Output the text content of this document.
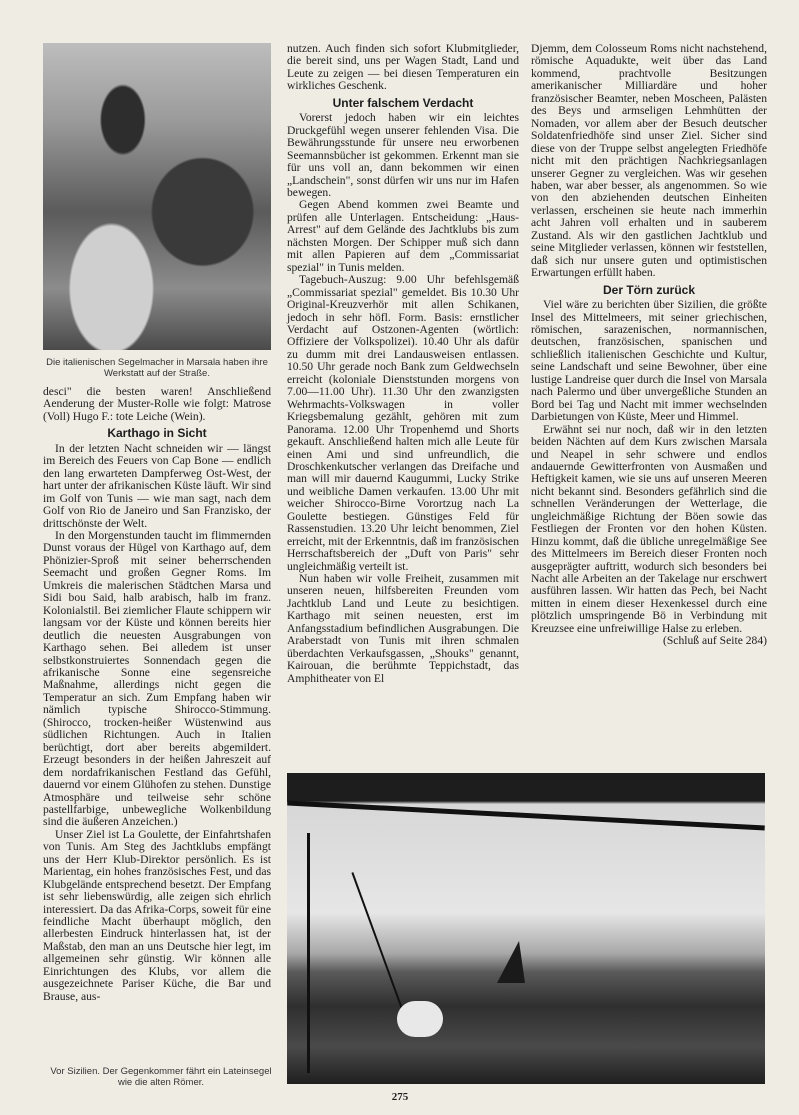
Die italienischen Segelmacher in Marsala haben ihre Werkstatt auf der Straße.

desci" die besten waren! Anschließend Aenderung der Muster-Rolle wie folgt: Matrose (Voll) Hugo F.: tote Leiche (Wein).

Karthago in Sicht

In der letzten Nacht schneiden wir — längst im Bereich des Feuers von Cap Bone — endlich den lang erwarteten Dampferweg Ost-West, der hart unter der afrikanischen Küste läuft. Wir sind im Golf von Tunis — wie man sagt, nach dem Golf von Rio de Janeiro und San Franzisko, der drittschönste der Welt.

In den Morgenstunden taucht im flimmernden Dunst voraus der Hügel von Karthago auf, dem Phönizier-Sproß mit seiner beherrschenden Seemacht und großen Gegner Roms. Im Umkreis die malerischen Städtchen Marsa und Sidi bou Said, halb arabisch, halb im franz. Kolonialstil. Bei ziemlicher Flaute schippern wir langsam vor der Küste und können bereits hier deutlich die neuesten Ausgrabungen von Karthago sehen. Bei alledem ist unser selbstkonstruiertes Sonnendach gegen die afrikanische Sonne eine segensreiche Maßnahme, allerdings nicht gegen die Temperatur an sich. Zum Empfang haben wir nämlich typische Shirocco-Stimmung. (Shirocco, trocken-heißer Wüstenwind aus südlichen Richtungen. Auch in Italien berüchtigt, dort aber bereits abgemildert. Erzeugt besonders in der heißen Jahreszeit auf dem nordafrikanischen Festland das Gefühl, dauernd vor einem Glühofen zu stehen. Dunstige Atmosphäre und teilweise sehr schöne pastellfarbige, unbewegliche Wolkenbildung sind die äußeren Anzeichen.)

Unser Ziel ist La Goulette, der Einfahrtshafen von Tunis. Am Steg des Jachtklubs empfängt uns der Herr Klub-Direktor persönlich. Es ist Marientag, ein hohes französisches Fest, und das Klubgelände entsprechend besetzt. Der Empfang ist sehr liebenswürdig, alle zeigen sich ehrlich interessiert. Da das Afrika-Corps, soweit für eine feindliche Macht überhaupt möglich, den allerbesten Eindruck hinterlassen hat, ist der Maßstab, den man an uns Deutsche hier legt, im allgemeinen sehr günstig. Wir können alle Einrichtungen des Klubs, vor allem die ausgezeichnete Pariser Küche, die Bar und Brause, aus-

Vor Sizilien. Der Gegenkommer fährt ein Lateinsegel wie die alten Römer.

nutzen. Auch finden sich sofort Klubmitglieder, die bereit sind, uns per Wagen Stadt, Land und Leute zu zeigen — bei diesen Temperaturen ein wirkliches Geschenk.

Unter falschem Verdacht

Vorerst jedoch haben wir ein leichtes Druckgefühl wegen unserer fehlenden Visa. Die Bewährungsstunde für unsere neu erworbenen Seemannsbücher ist gekommen. Erkennt man sie für uns voll an, dann bekommen wir einen „Landschein", sonst dürfen wir uns nur im Hafen bewegen.

Gegen Abend kommen zwei Beamte und prüfen alle Unterlagen. Entscheidung: „Haus-Arrest" auf dem Gelände des Jachtklubs bis zum nächsten Morgen. Der Schipper muß sich dann mit allen Papieren auf dem „Commissariat spezial" in Tunis melden.

Tagebuch-Auszug: 9.00 Uhr befehlsgemäß „Commissariat spezial" gemeldet. Bis 10.30 Uhr Original-Kreuzverhör mit allen Schikanen, jedoch in sehr höfl. Form. Basis: ernstlicher Verdacht auf Ostzonen-Agenten (wörtlich: Offiziere der Volkspolizei). 10.40 Uhr als dafür zu dumm mit drei Landausweisen entlassen. 10.50 Uhr gerade noch Bank zum Geldwechseln erreicht (koloniale Dienststunden morgens von 7.00—11.00 Uhr). 11.30 Uhr den zwanzigsten Wehrmachts-Volkswagen in voller Kriegsbemalung gezählt, gehören mit zum Panorama. 12.00 Uhr Tropenhemd und Shorts gekauft. Anschließend halten mich alle Leute für einen Ami und sind unfreundlich, die Droschkenkutscher verlangen das Dreifache und man will mir dauernd Kaugummi, Lucky Strike und weibliche Damen verkaufen. 13.00 Uhr mit weicher Shirocco-Birne Vorortzug nach La Goulette bestiegen. Günstiges Feld für Rassenstudien. 13.20 Uhr leicht benommen, Ziel erreicht, mit der Erkenntnis, daß im französischen Herrschaftsbereich der „Duft von Paris" sehr ungleichmäßig verteilt ist.

Nun haben wir volle Freiheit, zusammen mit unseren neuen, hilfsbereiten Freunden vom Jachtklub Land und Leute zu besichtigen. Karthago mit seinen neuesten, erst im Anfangsstadium befindlichen Ausgrabungen. Die Araberstadt von Tunis mit ihren schmalen überdachten Verkaufsgassen, „Shouks" genannt, Kairouan, die berühmte Teppichstadt, das Amphitheater von El

Djemm, dem Colosseum Roms nicht nachstehend, römische Aquadukte, weit über das Land kommend, prachtvolle Besitzungen amerikanischer Milliardäre und hoher französischer Beamter, neben Moscheen, Palästen des Beys und armseligen Lehmhütten der Nomaden, vor allem aber der Besuch deutscher Soldatenfriedhöfe sind unser Ziel. Sicher sind diese von der Truppe selbst angelegten Friedhöfe nicht mit den prächtigen Nachkriegsanlagen unserer Gegner zu vergleichen. Was wir gesehen haben, war aber besser, als angenommen. So wie von den abziehenden deutschen Einheiten verlassen, erscheinen sie heute nach immerhin acht Jahren voll erhalten und in sauberem Zustand. Als wir den gastlichen Jachtklub und seine Mitglieder verlassen, können wir feststellen, daß sich nur unsere guten und optimistischen Erwartungen erfüllt haben.

Der Törn zurück

Viel wäre zu berichten über Sizilien, die größte Insel des Mittelmeers, mit seiner griechischen, römischen, sarazenischen, normannischen, deutschen, französischen, spanischen und schließlich italienischen Geschichte und Kultur, seine Landschaft und seine Bewohner, über eine lustige Landreise quer durch die Insel von Marsala nach Palermo und über unvergeßliche Stunden an Bord bei Tag und Nacht mit immer wechselnden Darbietungen von Küste, Meer und Himmel.

Erwähnt sei nur noch, daß wir in den letzten beiden Nächten auf dem Kurs zwischen Marsala und Neapel in sehr schwere und endlos andauernde Gewitterfronten von Ausmaßen und Heftigkeit kamen, wie sie uns auf unseren Meeren nicht bekannt sind. Besonders gefährlich sind die schnellen Veränderungen der Wetterlage, die ungleichmäßige Richtung der Böen sowie das Festliegen der Fronten vor den hohen Küsten. Hinzu kommt, daß die übliche unregelmäßige See des Mittelmeers im Bereich dieser Fronten noch ausgeprägter auftritt, wodurch sich besonders bei Nacht alle Arbeiten an der Takelage nur erschwert ausführen lassen. Wir hatten das Pech, bei Nacht mitten in einem dieser Hexenkessel durch eine plötzlich umspringende Bö in Verbindung mit Kreuzsee eine unfreiwillige Halse zu erleben.

(Schluß auf Seite 284)

275
